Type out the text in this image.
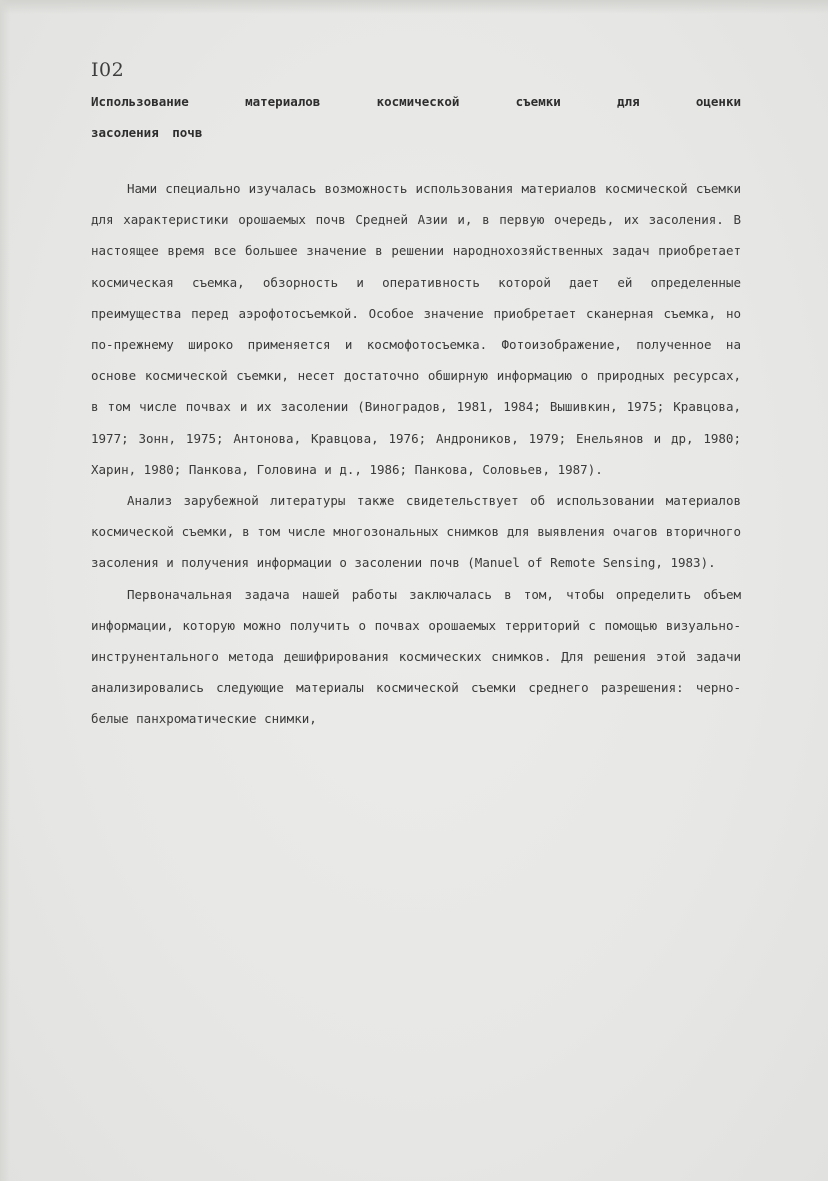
I02
Использование материалов космической съемки для оценки
засоления почв

Нами специально изучалась возможность использования материалов космической съемки для характеристики орошаемых почв Средней Азии и, в первую очередь, их засоления. В настоящее время все большее значение в решении народнохозяйственных задач приобретает космическая съемка, обзорность и оперативность которой дает ей определенные преимущества перед аэрофотосъемкой. Особое значение приобретает сканерная съемка, но по-прежнему широко применяется и космофотосъемка. Фотоизображение, полученное на основе космической съемки, несет достаточно обширную информацию о природных ресурсах, в том числе почвах и их засолении (Виноградов, 1981, 1984; Вышивкин, 1975; Кравцова, 1977; Зонн, 1975; Антонова, Кравцова, 1976; Андроников, 1979; Енельянов и др, 1980; Харин, 1980; Панкова, Головина и д., 1986; Панкова, Соловьев, 1987).

Анализ зарубежной литературы также свидетельствует об использовании материалов космической съемки, в том числе многозональных снимков для выявления очагов вторичного засоления и получения информации о засолении почв (Manuel of Remote Sensing, 1983).

Первоначальная задача нашей работы заключалась в том, чтобы определить объем информации, которую можно получить о почвах орошаемых территорий с помощью визуально-инструнентального метода дешифрирования космических снимков. Для решения этой задачи анализировались следующие материалы космической съемки среднего разрешения: черно-белые панхроматические снимки,
